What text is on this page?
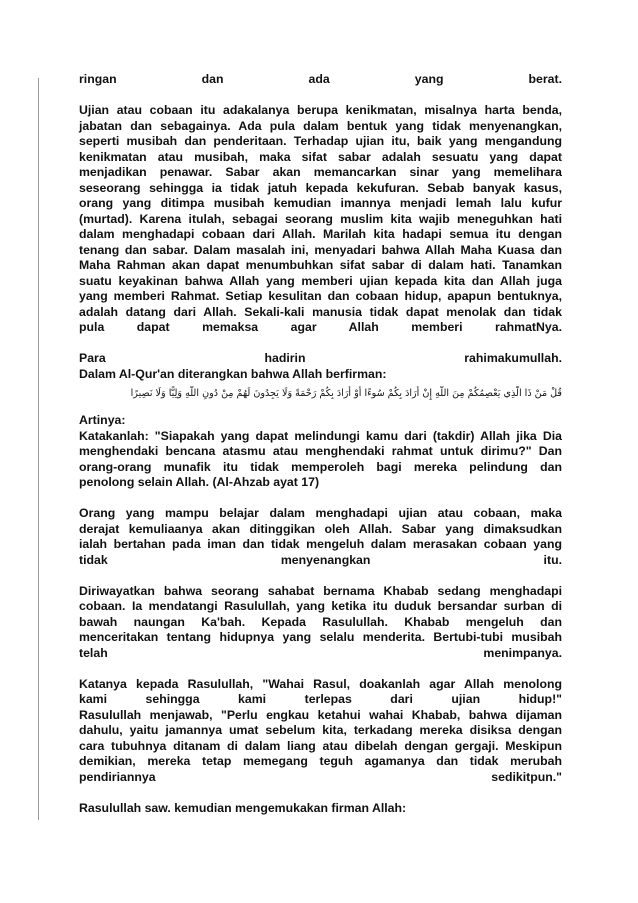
ringan dan ada yang berat.

Ujian atau cobaan itu adakalanya berupa kenikmatan, misalnya harta benda,

jabatan dan sebagainya. Ada pula dalam bentuk yang tidak menyenangkan,

seperti musibah dan penderitaan. Terhadap ujian itu, baik yang mengandung

kenikmatan atau musibah, maka sifat sabar adalah sesuatu yang dapat

menjadikan penawar. Sabar akan memancarkan sinar yang memelihara

seseorang sehingga ia tidak jatuh kepada kekufuran. Sebab banyak kasus,

orang yang ditimpa musibah kemudian imannya menjadi lemah lalu kufur

(murtad). Karena itulah, sebagai seorang muslim kita wajib meneguhkan hati

dalam menghadapi cobaan dari Allah. Marilah kita hadapi semua itu dengan

tenang dan sabar. Dalam masalah ini, menyadari bahwa Allah Maha Kuasa dan

Maha Rahman akan dapat menumbuhkan sifat sabar di dalam hati. Tanamkan

suatu keyakinan bahwa Allah yang memberi ujian kepada kita dan Allah juga

yang memberi Rahmat. Setiap kesulitan dan cobaan hidup, apapun bentuknya,

adalah datang dari Allah. Sekali-kali manusia tidak dapat menolak dan tidak

pula dapat memaksa agar Allah memberi rahmatNya.

Para hadirin rahimakumullah.

Dalam Al-Qur'an diterangkan bahwa Allah berfirman:

قُلْ مَنْ ذَا الَّذِي يَعْصِمُكُمْ مِنَ اللَّهِ إِنْ أَرَادَ بِكُمْ سُوءًا أَوْ أَرَادَ بِكُمْ رَحْمَةً وَلَا يَجِدُونَ لَهُمْ مِنْ دُونِ اللَّهِ وَلِيًّا وَلَا نَصِيرًا

Artinya:

Katakanlah: "Siapakah yang dapat melindungi kamu dari (takdir) Allah jika Dia

menghendaki bencana atasmu atau menghendaki rahmat untuk dirimu?" Dan

orang-orang munafik itu tidak memperoleh bagi mereka pelindung dan

penolong selain Allah. (Al-Ahzab ayat 17)

Orang yang mampu belajar dalam menghadapi ujian atau cobaan, maka

derajat kemuliaanya akan ditinggikan oleh Allah. Sabar yang dimaksudkan

ialah bertahan pada iman dan tidak mengeluh dalam merasakan cobaan yang

tidak menyenangkan itu.

Diriwayatkan bahwa seorang sahabat bernama Khabab sedang menghadapi

cobaan. Ia mendatangi Rasulullah, yang ketika itu duduk bersandar surban di

bawah naungan Ka'bah. Kepada Rasulullah. Khabab mengeluh dan

menceritakan tentang hidupnya yang selalu menderita. Bertubi-tubi musibah

telah menimpanya.

Katanya kepada Rasulullah, "Wahai Rasul, doakanlah agar Allah menolong

kami sehingga kami terlepas dari ujian hidup!"

Rasulullah menjawab, "Perlu engkau ketahui wahai Khabab, bahwa dijaman

dahulu, yaitu jamannya umat sebelum kita, terkadang mereka disiksa dengan

cara tubuhnya ditanam di dalam liang atau dibelah dengan gergaji. Meskipun

demikian, mereka tetap memegang teguh agamanya dan tidak merubah

pendiriannya sedikitpun."

Rasulullah saw. kemudian mengemukakan firman Allah:
